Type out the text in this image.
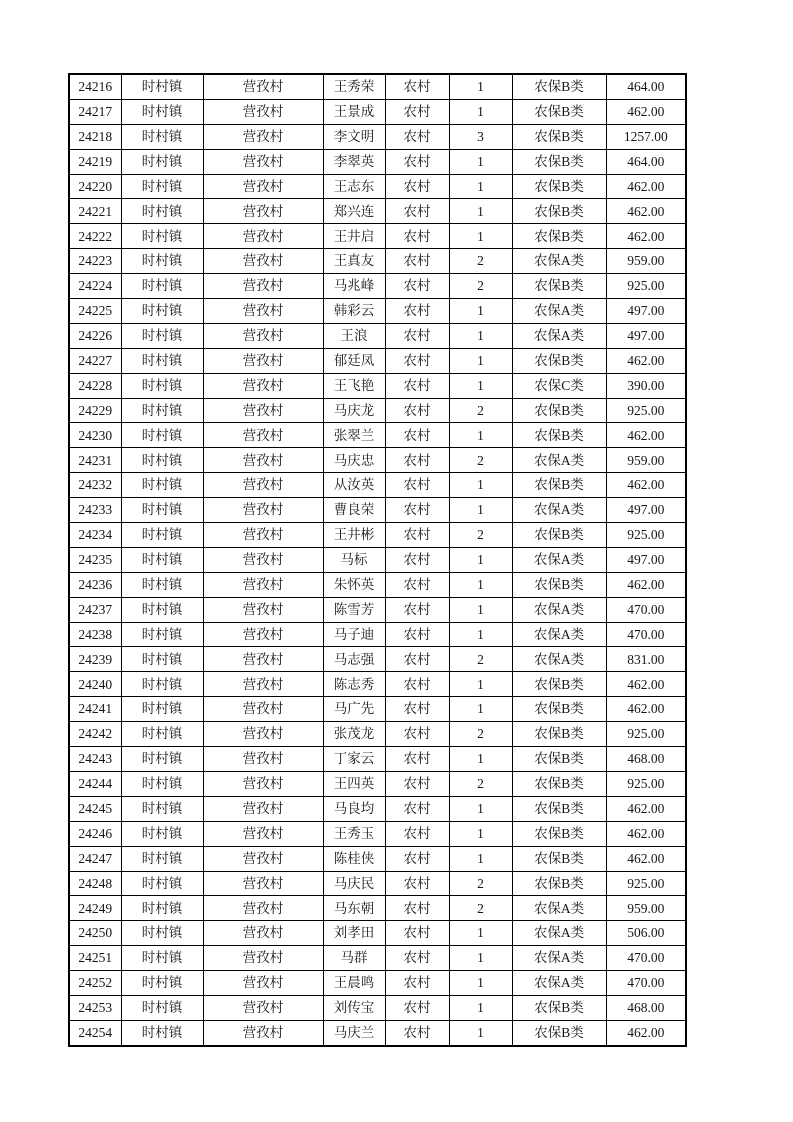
24216	时村镇	营孜村	王秀荣	农村	1	农保B类	464.00
24217	时村镇	营孜村	王景成	农村	1	农保B类	462.00
24218	时村镇	营孜村	李文明	农村	3	农保B类	1257.00
24219	时村镇	营孜村	李翠英	农村	1	农保B类	464.00
24220	时村镇	营孜村	王志东	农村	1	农保B类	462.00
24221	时村镇	营孜村	郑兴连	农村	1	农保B类	462.00
24222	时村镇	营孜村	王井启	农村	1	农保B类	462.00
24223	时村镇	营孜村	王真友	农村	2	农保A类	959.00
24224	时村镇	营孜村	马兆峰	农村	2	农保B类	925.00
24225	时村镇	营孜村	韩彩云	农村	1	农保A类	497.00
24226	时村镇	营孜村	王浪	农村	1	农保A类	497.00
24227	时村镇	营孜村	郁廷凤	农村	1	农保B类	462.00
24228	时村镇	营孜村	王飞艳	农村	1	农保C类	390.00
24229	时村镇	营孜村	马庆龙	农村	2	农保B类	925.00
24230	时村镇	营孜村	张翠兰	农村	1	农保B类	462.00
24231	时村镇	营孜村	马庆忠	农村	2	农保A类	959.00
24232	时村镇	营孜村	从汝英	农村	1	农保B类	462.00
24233	时村镇	营孜村	曹良荣	农村	1	农保A类	497.00
24234	时村镇	营孜村	王井彬	农村	2	农保B类	925.00
24235	时村镇	营孜村	马标	农村	1	农保A类	497.00
24236	时村镇	营孜村	朱怀英	农村	1	农保B类	462.00
24237	时村镇	营孜村	陈雪芳	农村	1	农保A类	470.00
24238	时村镇	营孜村	马子迪	农村	1	农保A类	470.00
24239	时村镇	营孜村	马志强	农村	2	农保A类	831.00
24240	时村镇	营孜村	陈志秀	农村	1	农保B类	462.00
24241	时村镇	营孜村	马广先	农村	1	农保B类	462.00
24242	时村镇	营孜村	张茂龙	农村	2	农保B类	925.00
24243	时村镇	营孜村	丁家云	农村	1	农保B类	468.00
24244	时村镇	营孜村	王四英	农村	2	农保B类	925.00
24245	时村镇	营孜村	马良均	农村	1	农保B类	462.00
24246	时村镇	营孜村	王秀玉	农村	1	农保B类	462.00
24247	时村镇	营孜村	陈桂侠	农村	1	农保B类	462.00
24248	时村镇	营孜村	马庆民	农村	2	农保B类	925.00
24249	时村镇	营孜村	马东朝	农村	2	农保A类	959.00
24250	时村镇	营孜村	刘孝田	农村	1	农保A类	506.00
24251	时村镇	营孜村	马群	农村	1	农保A类	470.00
24252	时村镇	营孜村	王晨鸣	农村	1	农保A类	470.00
24253	时村镇	营孜村	刘传宝	农村	1	农保B类	468.00
24254	时村镇	营孜村	马庆兰	农村	1	农保B类	462.00
